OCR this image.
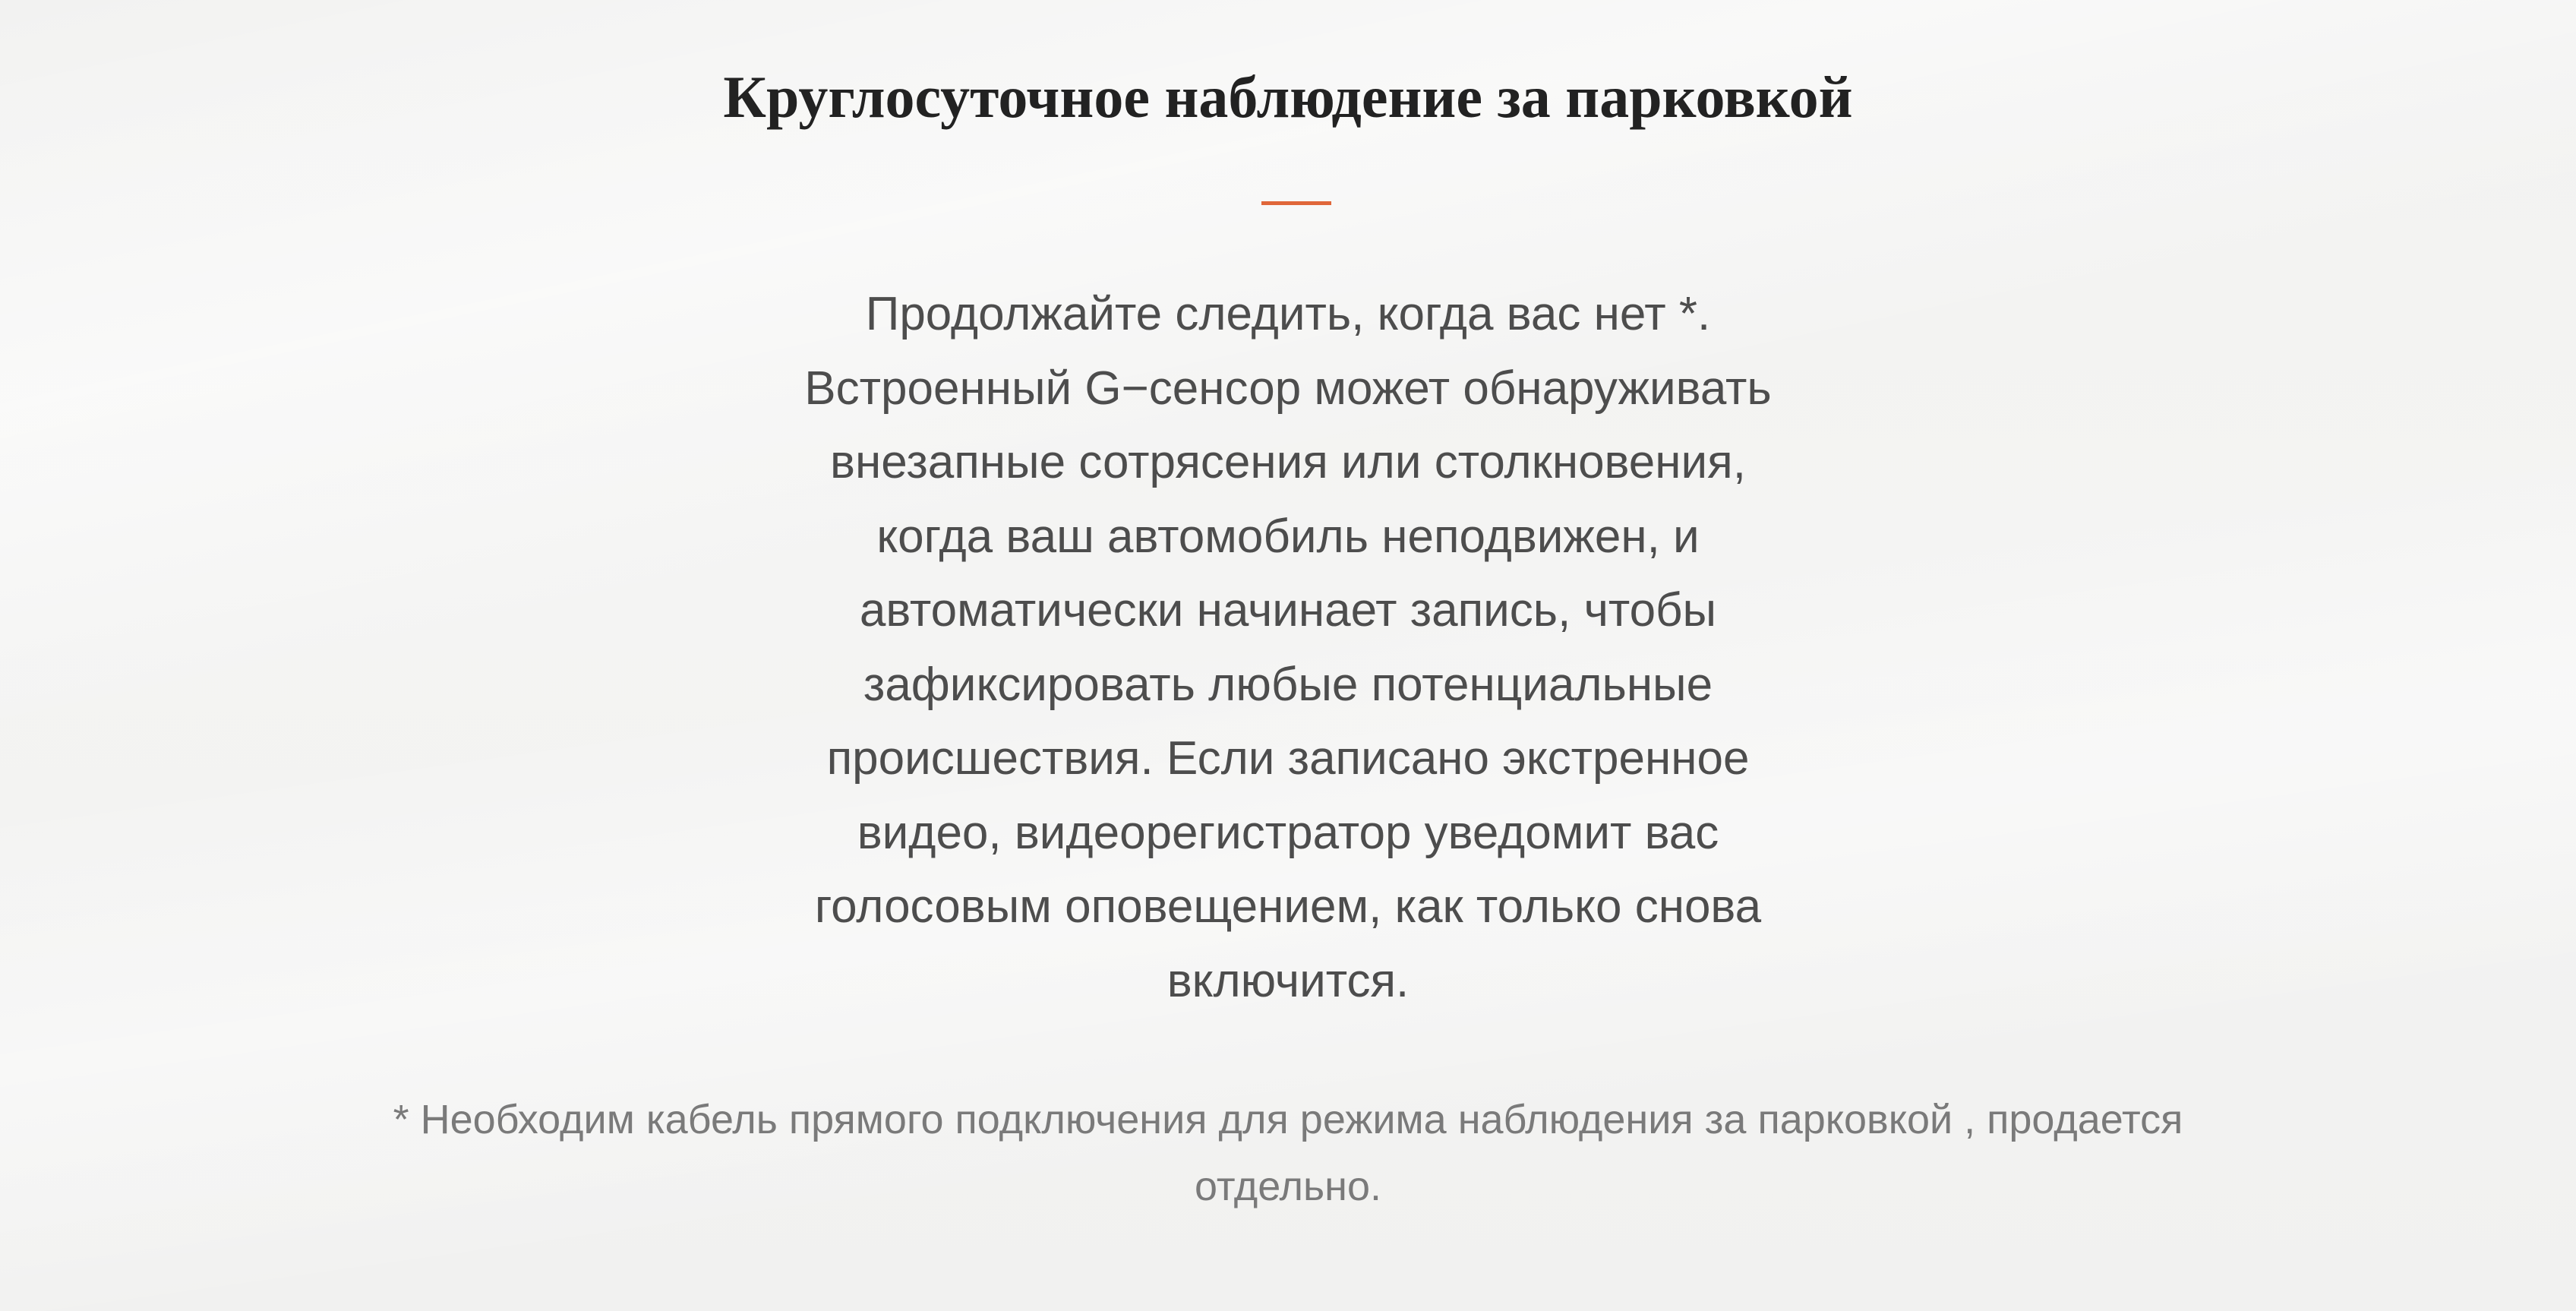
Круглосуточное наблюдение за парковкой

Продолжайте следить, когда вас нет *.
Встроенный G−сенсор может обнаруживать
внезапные сотрясения или столкновения,
когда ваш автомобиль неподвижен, и
автоматически начинает запись, чтобы
зафиксировать любые потенциальные
происшествия. Если записано экстренное
видео, видеорегистратор уведомит вас
голосовым оповещением, как только снова
включится.

* Необходим кабель прямого подключения для режима наблюдения за парковкой , продается
отдельно.
